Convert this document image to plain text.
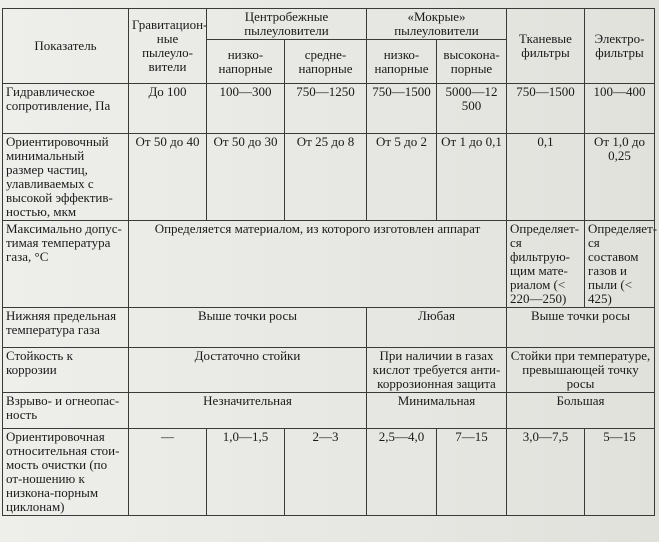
Показатель	Гравитацион-ные пылеуло-вители	Центробежные пылеуловители		«Мокрые» пылеуловители		Тканевые фильтры	Электро-фильтры
		низко-напорные	средне-напорные	низко-напорные	высоконa-порные		
Гидравлическое сопротивление, Па	До 100	100—300	750—1250	750—1500	5000—12 500	750—1500	100—400
Ориентировочный минимальный размер частиц, улавливаемых с высокой эффектив-ностью, мкм	От 50 до 40	От 50 до 30	От 25 до 8	От 5 до 2	От 1 до 0,1	0,1	От 1,0 до 0,25
Максимально допус-тимая температура газа, °С	Определяется материалом, из которого изготовлен аппарат					Определяет-ся фильтрую-щим мате-риалом (< 220—250)	Определяет-ся составом газов и пыли (< 425)
Нижняя предельная температура газа	Выше точки росы			Любая		Выше точки росы	
Стойкость к коррозии	Достаточно стойки			При наличии в газах кислот требуется анти-коррозионная защита		Стойки при температуре, превышающей точку росы	
Взрыво- и огнеопас-ность	Незначительная			Минимальная		Большая	
Ориентировочная относительная стои-мость очистки (по от-ношению к низкона-порным циклонам)	—	1,0—1,5	2—3	2,5—4,0	7—15	3,0—7,5	5—15
